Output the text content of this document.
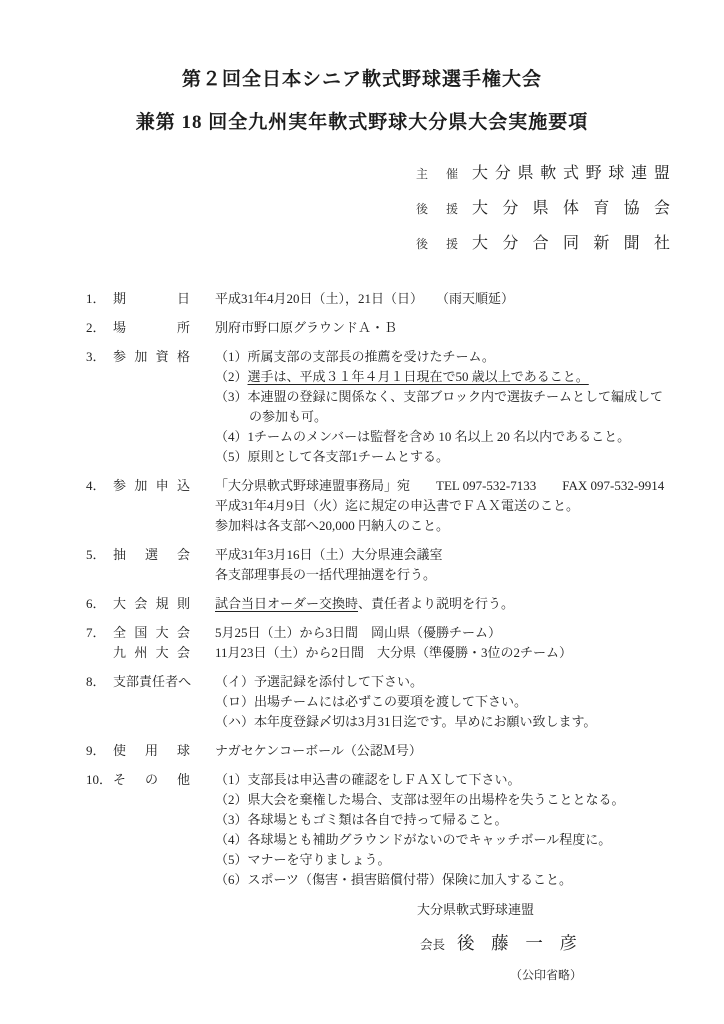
第２回全日本シニア軟式野球選手権大会
兼第 18 回全九州実年軟式野球大分県大会実施要項
主 催 大 分 県 軟 式 野 球 連 盟
後 援 大 分 県 体 育 協 会
後 援 大 分 合 同 新 聞 社
1． 期	日 平成31年4月20日（土），21日（日）　　（雨天順延）
2． 場	所 別府市野口原グラウンドＡ・Ｂ
3． 参 加 資 格 （1）所属支部の支部長の推薦を受けたチーム。
（2）選手は、平成３１年４月１日現在で50 歳以上であること。
（3）本連盟の登録に関係なく、支部ブロック内で選抜チームとして編成して
の参加も可。
（4）1チームのメンバーは監督を含め 10 名以上 20 名以内であること。
（5）原則として各支部1チームとする。
4． 参 加 申 込 「大分県軟式野球連盟事務局」宛　　TEL 097-532-7133　　FAX 097-532-9914
平成31年4月9日（火）迄に規定の申込書でＦＡＸ電送のこと。
参加料は各支部へ20,000 円納入のこと。
5． 抽 選 会 平成31年3月16日（土）大分県連会議室
各支部理事長の一括代理抽選を行う。
6． 大 会 規 則 試合当日オーダー交換時、責任者より説明を行う。
7． 全 国 大 会
九 州 大 会
5月25日（土）から3日間　岡山県（優勝チーム）
11月23日（土）から2日間　大分県（準優勝・3位の2チーム）
8． 支 部 責 任 者 へ （イ）予選記録を添付して下さい。
（ロ）出場チームには必ずこの要項を渡して下さい。
（ハ）本年度登録〆切は3月31日迄です。早めにお願い致します。
9． 使 用 球 ナガセケンコーボール（公認Ｍ号）
10． そ の 他 （1）支部長は申込書の確認をしＦＡＸして下さい。
（2）県大会を棄権した場合、支部は翌年の出場枠を失うこととなる。
（3）各球場ともゴミ類は各自で持って帰ること。
（4）各球場とも補助グラウンドがないのでキャッチボール程度に。
（5）マナーを守りましょう。
（6）スポーツ（傷害・損害賠償付帯）保険に加入すること。
大分県軟式野球連盟
会長 後 藤 一 彦
（公印省略）
